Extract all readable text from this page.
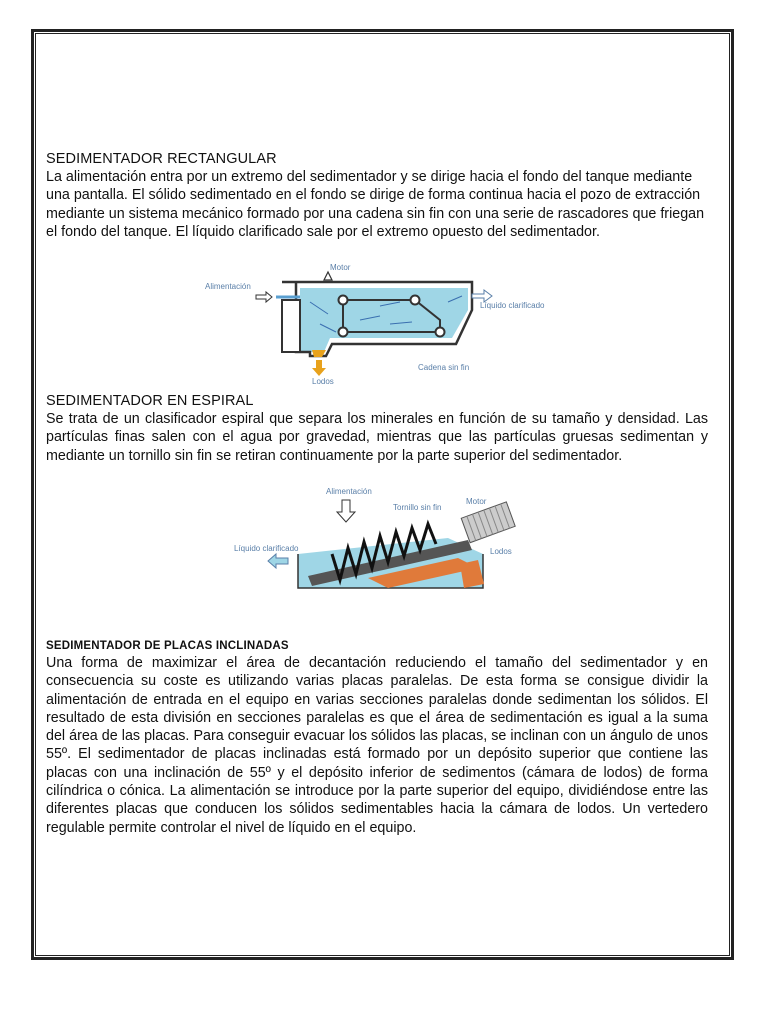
SEDIMENTADOR RECTANGULAR

La alimentación entra por un extremo del sedimentador y se dirige hacia el fondo del tanque mediante una pantalla. El sólido sedimentado en el fondo se dirige de forma continua hacia el pozo de extracción mediante un sistema mecánico formado por una cadena sin fin con una serie de rascadores que friegan el fondo del tanque. El líquido clarificado sale por el extremo opuesto del sedimentador.

Motor
Alimentación
Líquido clarificado
Lodos
Cadena sin fin

SEDIMENTADOR EN ESPIRAL

Se trata de un clasificador espiral que separa los minerales en función de su tamaño y densidad. Las partículas finas salen con el agua por gravedad, mientras que las partículas gruesas sedimentan y mediante un tornillo sin fin se retiran continuamente por la parte superior del sedimentador.

Alimentación
Tornillo sin fin
Motor
Líquido clarificado	Lodos

SEDIMENTADOR DE PLACAS INCLINADAS

Una forma de maximizar el área de decantación reduciendo el tamaño del sedimentador y en consecuencia su coste es utilizando varias placas paralelas. De esta forma se consigue dividir la alimentación de entrada en el equipo en varias secciones paralelas donde sedimentan los sólidos. El resultado de esta división en secciones paralelas es que el área de sedimentación es igual a la suma del área de las placas. Para conseguir evacuar los sólidos las placas, se inclinan con un ángulo de unos 55º. El sedimentador de placas inclinadas está formado por un depósito superior que contiene las placas con una inclinación de 55º y el depósito inferior de sedimentos (cámara de lodos) de forma cilíndrica o cónica. La alimentación se introduce por la parte superior del equipo, dividiéndose entre las diferentes placas que conducen los sólidos sedimentables hacia la cámara de lodos. Un vertedero regulable permite controlar el nivel de líquido en el equipo.
